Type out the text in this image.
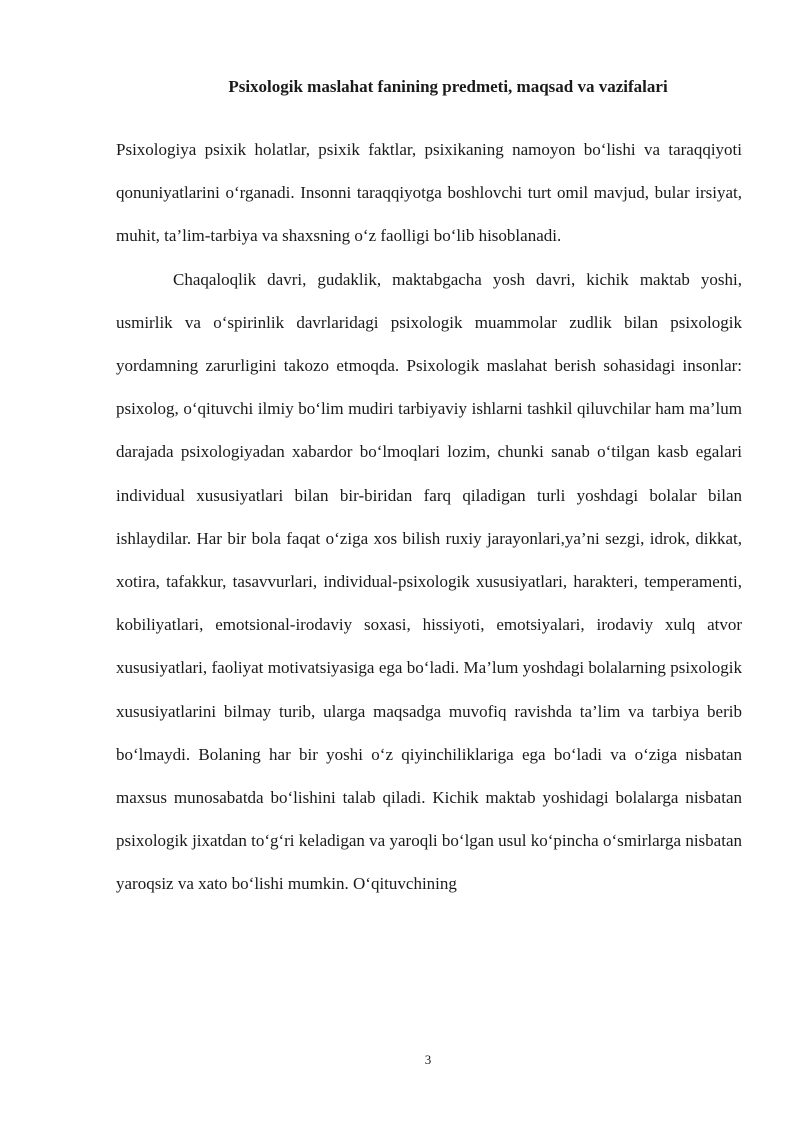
Psixologik maslahat fanining predmeti, maqsad va vazifalari

Psixologiya psixik holatlar, psixik faktlar, psixikaning namoyon bo‘lishi va taraqqiyoti qonuniyatlarini o‘rganadi. Insonni taraqqiyotga boshlovchi turt omil mavjud, bular irsiyat, muhit, ta’lim-tarbiya va shaxsning o‘z faolligi bo‘lib hisoblanadi.

Chaqaloqlik davri, gudaklik, maktabgacha yosh davri, kichik maktab yoshi, usmirlik va o‘spirinlik davrlaridagi psixologik muammolar zudlik bilan psixologik yordamning zarurligini takozo etmoqda. Psixologik maslahat berish sohasidagi insonlar: psixolog, o‘qituvchi ilmiy bo‘lim mudiri tarbiyaviy ishlarni tashkil qiluvchilar ham ma’lum darajada psixologiyadan xabardor bo‘lmoqlari lozim, chunki sanab o‘tilgan kasb egalari individual xususiyatlari bilan bir-biridan farq qiladigan turli yoshdagi bolalar bilan ishlaydilar. Har bir bola faqat o‘ziga xos bilish ruxiy jarayonlari,ya’ni sezgi, idrok, dikkat, xotira, tafakkur, tasavvurlari, individual-psixologik xususiyatlari, harakteri, temperamenti, kobiliyatlari, emotsional-irodaviy soxasi, hissiyoti, emotsiyalari, irodaviy xulq atvor xususiyatlari, faoliyat motivatsiyasiga ega bo‘ladi. Ma’lum yoshdagi bolalarning psixologik xususiyatlarini bilmay turib, ularga maqsadga muvofiq ravishda ta’lim va tarbiya berib bo‘lmaydi. Bolaning har bir yoshi o‘z qiyinchiliklariga ega bo‘ladi va o‘ziga nisbatan maxsus munosabatda bo‘lishini talab qiladi. Kichik maktab yoshidagi bolalarga nisbatan psixologik jixatdan to‘g‘ri keladigan va yaroqli bo‘lgan usul ko‘pincha o‘smirlarga nisbatan yaroqsiz va xato bo‘lishi mumkin. O‘qituvchining

3
